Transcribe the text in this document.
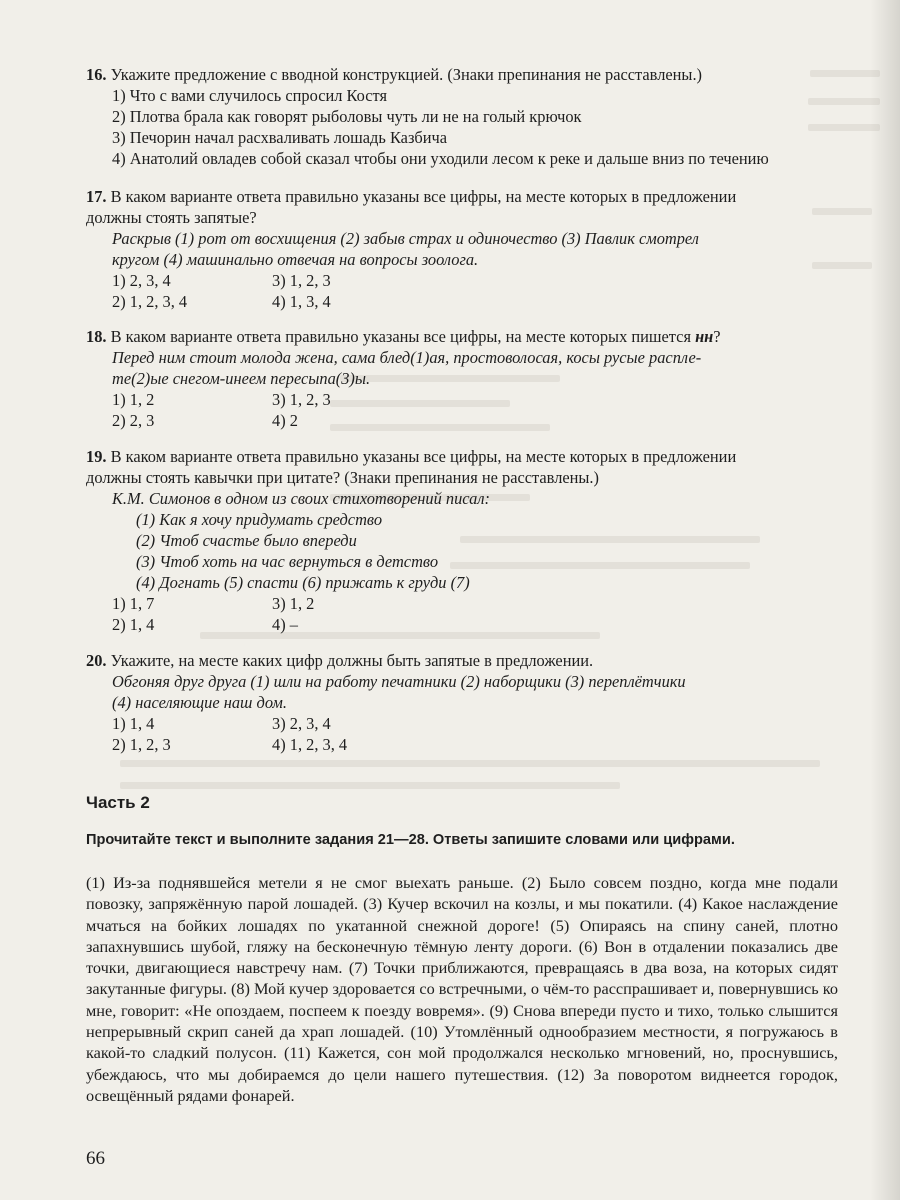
16. Укажите предложение с вводной конструкцией. (Знаки препинания не расставлены.)
1) Что с вами случилось спросил Костя
2) Плотва брала как говорят рыболовы чуть ли не на голый крючок
3) Печорин начал расхваливать лошадь Казбича
4) Анатолий овладев собой сказал чтобы они уходили лесом к реке и дальше вниз по течению
17. В каком варианте ответа правильно указаны все цифры, на месте которых в предложении
должны стоять запятые?
Раскрыв (1) рот от восхищения (2) забыв страх и одиночество (3) Павлик смотрел
кругом (4) машинально отвечая на вопросы зоолога.
1) 2, 3, 4	3) 1, 2, 3
2) 1, 2, 3, 4	4) 1, 3, 4
18. В каком варианте ответа правильно указаны все цифры, на месте которых пишется нн?
Перед ним стоит молода жена, сама блед(1)ая, простоволосая, косы русые распле-
те(2)ые снегом-инеем пересыпа(3)ы.
1) 1, 2	3) 1, 2, 3
2) 2, 3	4) 2
19. В каком варианте ответа правильно указаны все цифры, на месте которых в предложении
должны стоять кавычки при цитате? (Знаки препинания не расставлены.)
К.М. Симонов в одном из своих стихотворений писал:
(1) Как я хочу придумать средство
(2) Чтоб счастье было впереди
(3) Чтоб хоть на час вернуться в детство
(4) Догнать (5) спасти (6) прижать к груди (7)
1) 1, 7	3) 1, 2
2) 1, 4	4) –
20. Укажите, на месте каких цифр должны быть запятые в предложении.
Обгоняя друг друга (1) шли на работу печатники (2) наборщики (3) переплётчики
(4) населяющие наш дом.
1) 1, 4	3) 2, 3, 4
2) 1, 2, 3	4) 1, 2, 3, 4
Часть 2
Прочитайте текст и выполните задания 21—28. Ответы запишите словами или цифрами.
(1) Из-за поднявшейся метели я не смог выехать раньше. (2) Было совсем поздно, когда мне подали повозку, запряжённую парой лошадей. (3) Кучер вскочил на козлы, и мы покатили. (4) Какое наслаждение мчаться на бойких лошадях по укатанной снежной дороге! (5) Опираясь на спину саней, плотно запахнувшись шубой, гляжу на бесконечную тёмную ленту дороги. (6) Вон в отдалении показались две точки, двигающиеся навстречу нам. (7) Точки приближаются, превращаясь в два воза, на которых сидят закутанные фигуры. (8) Мой кучер здоровается со встречными, о чём-то расспрашивает и, повернувшись ко мне, говорит: «Не опоздаем, поспеем к поезду вовремя». (9) Снова впереди пусто и тихо, только слышится непрерывный скрип саней да храп лошадей. (10) Утомлённый однообразием местности, я погружаюсь в какой-то сладкий полусон. (11) Кажется, сон мой продолжался несколько мгновений, но, проснувшись, убеждаюсь, что мы добираемся до цели нашего путешествия. (12) За поворотом виднеется городок, освещённый рядами фонарей.
66
